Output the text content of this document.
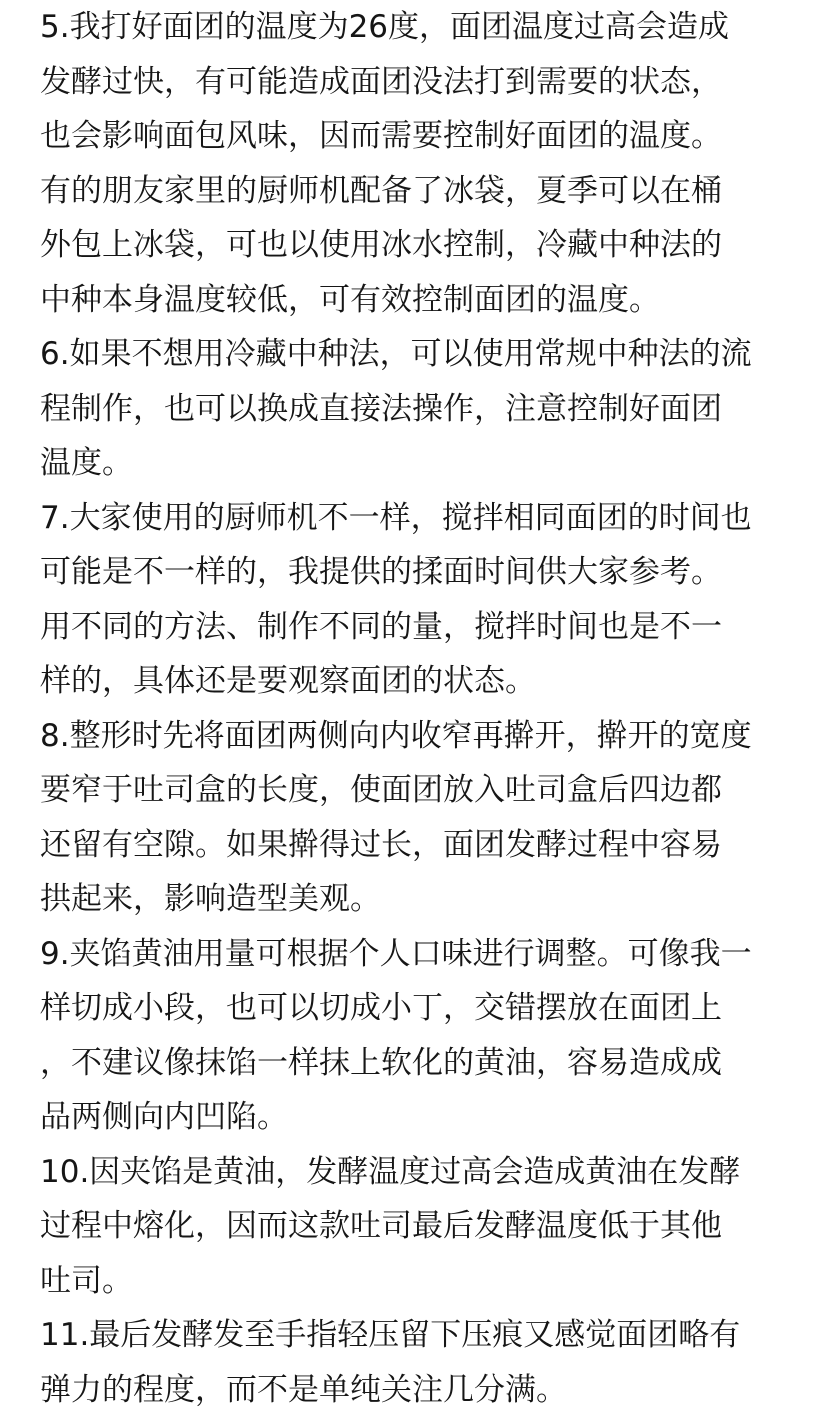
5.我打好面团的温度为26度，面团温度过高会造成
发酵过快，有可能造成面团没法打到需要的状态，
也会影响面包风味，因而需要控制好面团的温度。
有的朋友家里的厨师机配备了冰袋，夏季可以在桶
外包上冰袋，可也以使用冰水控制，冷藏中种法的
中种本身温度较低，可有效控制面团的温度。
6.如果不想用冷藏中种法，可以使用常规中种法的流
程制作，也可以换成直接法操作，注意控制好面团
温度。
7.大家使用的厨师机不一样，搅拌相同面团的时间也
可能是不一样的，我提供的揉面时间供大家参考。
用不同的方法、制作不同的量，搅拌时间也是不一
样的，具体还是要观察面团的状态。
8.整形时先将面团两侧向内收窄再擀开，擀开的宽度
要窄于吐司盒的长度，使面团放入吐司盒后四边都
还留有空隙。如果擀得过长，面团发酵过程中容易
拱起来，影响造型美观。
9.夹馅黄油用量可根据个人口味进行调整。可像我一
样切成小段，也可以切成小丁，交错摆放在面团上
，不建议像抹馅一样抹上软化的黄油，容易造成成
品两侧向内凹陷。
10.因夹馅是黄油，发酵温度过高会造成黄油在发酵
过程中熔化，因而这款吐司最后发酵温度低于其他
吐司。
11.最后发酵发至手指轻压留下压痕又感觉面团略有
弹力的程度，而不是单纯关注几分满。
